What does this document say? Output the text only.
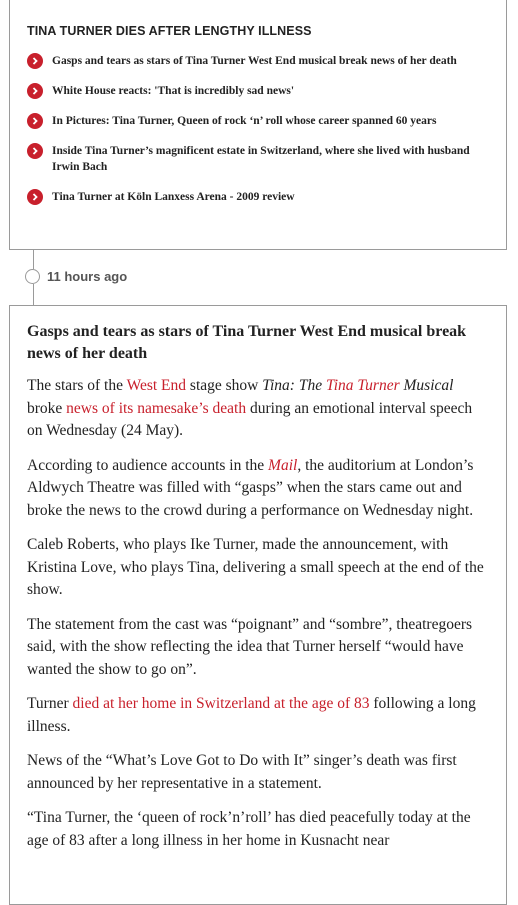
TINA TURNER DIES AFTER LENGTHY ILLNESS
Gasps and tears as stars of Tina Turner West End musical break news of her death
White House reacts: 'That is incredibly sad news'
In Pictures: Tina Turner, Queen of rock ‘n’ roll whose career spanned 60 years
Inside Tina Turner’s magnificent estate in Switzerland, where she lived with husband Irwin Bach
Tina Turner at Köln Lanxess Arena - 2009 review
11 hours ago
Gasps and tears as stars of Tina Turner West End musical break news of her death

The stars of the West End stage show Tina: The Tina Turner Musical broke news of its namesake’s death during an emotional interval speech on Wednesday (24 May).

According to audience accounts in the Mail, the auditorium at London’s Aldwych Theatre was filled with “gasps” when the stars came out and broke the news to the crowd during a performance on Wednesday night.

Caleb Roberts, who plays Ike Turner, made the announcement, with Kristina Love, who plays Tina, delivering a small speech at the end of the show.

The statement from the cast was “poignant” and “sombre”, theatregoers said, with the show reflecting the idea that Turner herself “would have wanted the show to go on”.

Turner died at her home in Switzerland at the age of 83 following a long illness.

News of the “What’s Love Got to Do with It” singer’s death was first announced by her representative in a statement.

“Tina Turner, the ‘queen of rock’n’roll’ has died peacefully today at the age of 83 after a long illness in her home in Kusnacht near
